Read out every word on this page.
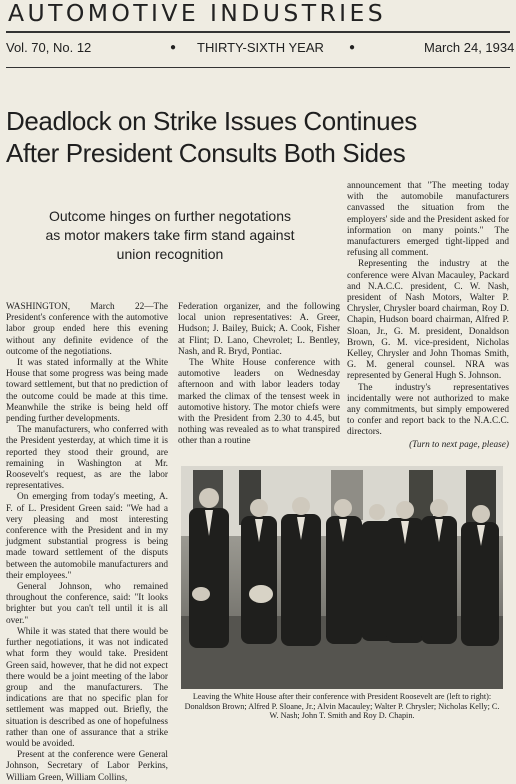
AUTOMOTIVE INDUSTRIES
Vol. 70, No. 12	● THIRTY-SIXTH YEAR	●	March 24, 1934
Deadlock on Strike Issues Continues
After President Consults Both Sides
Outcome hinges on further negotations
as motor makers take firm stand against
union recognition

WASHINGTON, March 22—The President's conference with the automotive labor group ended here this evening without any definite evidence of the outcome of the negotiations.

It was stated informally at the White House that some progress was being made toward settlement, but that no prediction of the outcome could be made at this time. Meanwhile the strike is being held off pending further developments.

The manufacturers, who conferred with the President yesterday, at which time it is reported they stood their ground, are remaining in Washington at Mr. Roosevelt's request, as are the labor representatives.

On emerging from today's meeting, A. F. of L. President Green said: "We had a very pleasing and most interesting conference with the President and in my judgment substantial progress is being made toward settlement of the disputs between the automobile manufacturers and their employees."

General Johnson, who remained throughout the conference, said: "It looks brighter but you can't tell until it is all over."

While it was stated that there would be further negotiations, it was not indicated what form they would take. President Green said, however, that he did not expect there would be a joint meeting of the labor group and the manufacturers. The indications are that no specific plan for settlement was mapped out. Briefly, the situation is described as one of hopefulness rather than one of assurance that a strike would be avoided.

Present at the conference were General Johnson, Secretary of Labor Perkins, William Green, William Collins,

Federation organizer, and the following local union representatives: A. Greer, Hudson; J. Bailey, Buick; A. Cook, Fisher at Flint; D. Lano, Chevrolet; L. Bentley, Nash, and R. Bryd, Pontiac.

The White House conference with automotive leaders on Wednesday afternoon and with labor leaders today marked the climax of the tensest week in automotive history. The motor chiefs were with the President from 2.30 to 4.45, but nothing was revealed as to what transpired other than a routine

announcement that "The meeting today with the automobile manufacturers canvassed the situation from the employers' side and the President asked for information on many points." The manufacturers emerged tight-lipped and refusing all comment.

Representing the industry at the conference were Alvan Macauley, Packard and N.A.C.C. president, C. W. Nash, president of Nash Motors, Walter P. Chrysler, Chrysler board chairman, Roy D. Chapin, Hudson board chairman, Alfred P. Sloan, Jr., G. M. president, Donaldson Brown, G. M. vice-president, Nicholas Kelley, Chrysler and John Thomas Smith, G. M. general counsel. NRA was represented by General Hugh S. Johnson.

The industry's representatives incidentally were not authorized to make any commitments, but simply empowered to confer and report back to the N.A.C.C. directors.

(Turn to next page, please)

Leaving the White House after their conference with President Roosevelt are (left to right): Donaldson Brown; Alfred P. Sloane, Jr.; Alvin Macauley; Walter P. Chrysler; Nicholas Kelly; C. W. Nash; John T. Smith and Roy D. Chapin.
